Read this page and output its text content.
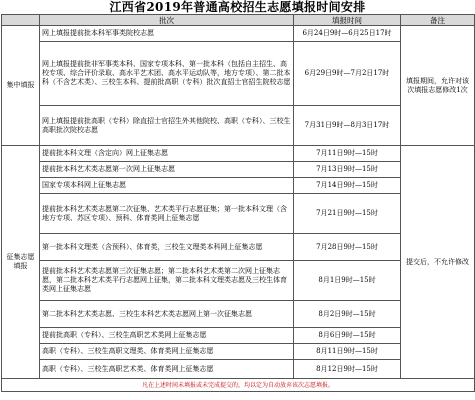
江西省2019年普通高校招生志愿填报时间安排
	批次	填报时间	备注
集中填报	网上填报提前批本科军事类院校志愿	6月24日9时—6月25日17时	填报期间，允许对该次填报志愿修改1次
	网上填报提前批非军事类本科、国家专项本科、第一批本科（包括自主招生、高校专项、综合评价录取、高水平艺术团、高水平运动队等，地方专项）、第二批本科（不含艺术类）、三校生本科、提前批高职（专科）批次直招士官招生院校志愿	6月29日9时—7月2日17时	
	网上填报提前批高职（专科）除直招士官招生外其他院校、高职（专科）、三校生高职批次院校志愿	7月31日9时—8月3日17时	
征集志愿填报	提前批本科文理（含定向）网上征集志愿	7月11日9时—15时	提交后，不允许修改
	提前批本科艺术类志愿第一次网上征集志愿	7月13日9时—15时	
	国家专项本科网上征集志愿	7月14日9时—15时	
	提前批本科艺术类志愿第二次征集、艺术类平行志愿征集；第一批本科文理（含地方专项、苏区专项）、预科、体育类网上征集志愿	7月21日9时—15时	
	第一批本科文理类（含预科）、体育类，三校生文理类本科网上征集志愿	7月28日9时—15时	
	提前批本科艺术类志愿第三次征集志愿；第二批本科艺术类第二次网上征集志愿，第二批本科艺术类平行志愿网上征集，第二批本科文理类志愿及三校生体育类网上征集志愿	8月1日9时—15时	
	第二批本科艺术类志愿、三校生本科艺术类志愿网上第一次征集志愿	8月2日9时—15时	
	提前批高职（专科）、三校生高职艺术类网上征集志愿	8月6日9时—15时	
	高职（专科）、三校生高职文理类、体育类网上征集志愿	8月11日9时—15时	
	高职（专科）、三校生高职艺术类、体育类网上征集志愿	8月12日9时—15时	
凡在上述时间未填报或未完成提交的，均以定为自动放弃该次志愿填报。			
